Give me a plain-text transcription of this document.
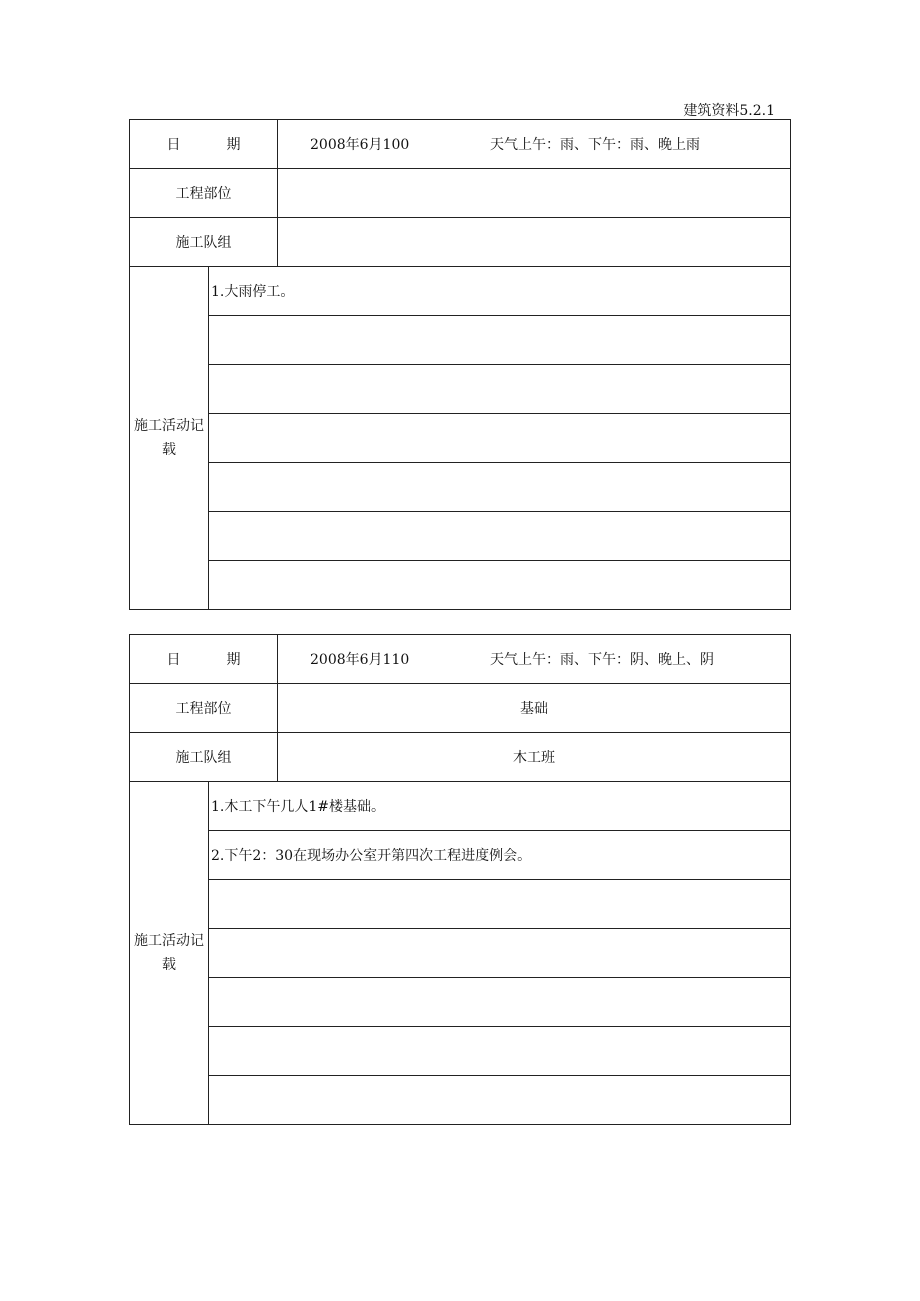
建筑资料5.2.1
日 期		2008年6月100 天气上午：雨、下午：雨、晚上雨

工程部位		
施工队组		

施工活动记
载	1.大雨停工。	

日 期		2008年6月110 天气上午：雨、下午：阴、晚上、阴

工程部位		基础
施工队组		木工班

施工活动记
载	1.木工下午几人1#楼基础。	
	2.下午2：30在现场办公室开第四次工程进度例会。	
